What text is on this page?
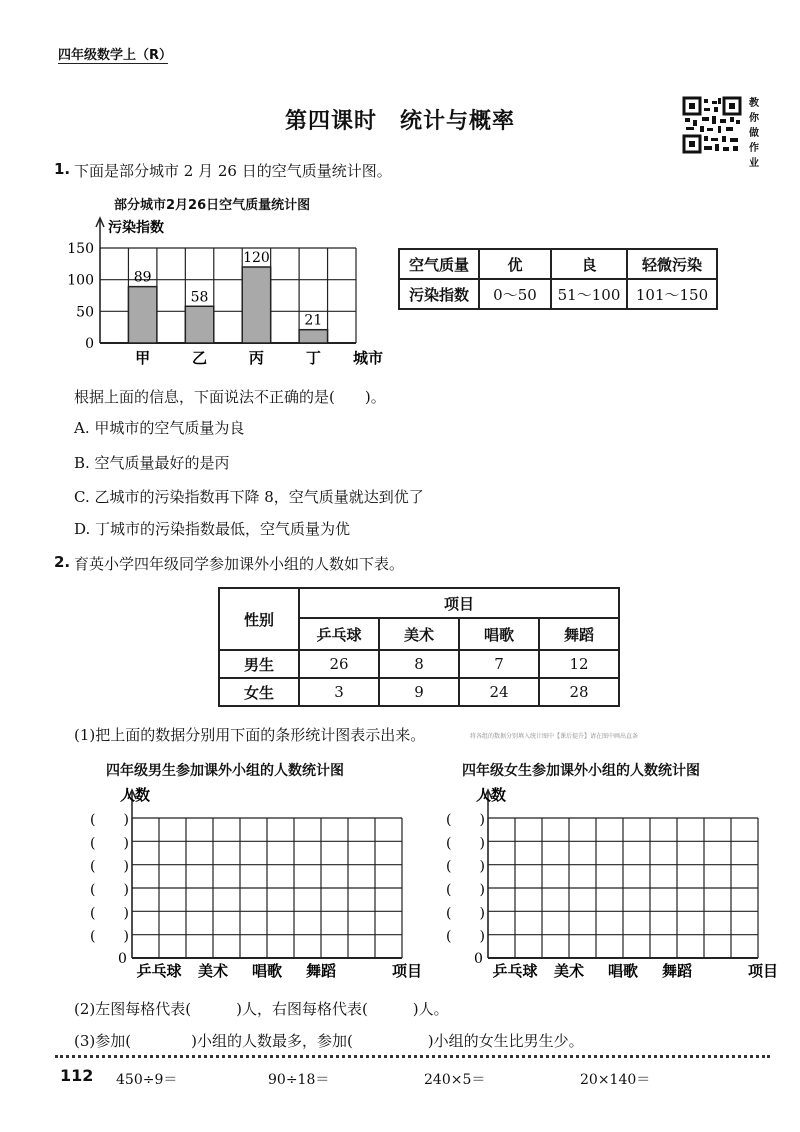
四年级数学上（R）
第四课时　统计与概率
教你做作业
1. 下面是部分城市 2 月 26 日的空气质量统计图。
部分城市2月26日空气质量统计图
0
50
100
150
污染指数
89
甲
58
乙
120
丙
21
丁 城市
空气质量	优	良	轻微污染
污染指数	0～50	51～100	101～150
根据上面的信息，下面说法不正确的是(　　)。
A. 甲城市的空气质量为良
B. 空气质量最好的是丙
C. 乙城市的污染指数再下降 8，空气质量就达到优了
D. 丁城市的污染指数最低，空气质量为优
2. 育英小学四年级同学参加课外小组的人数如下表。
性别	项目			
	乒乓球	美术	唱歌	舞蹈
男生	26	8	7	12
女生	3	9	24	28
(1)把上面的数据分别用下面的条形统计图表示出来。	将各组的数据分别填入统计图中【课后提升】请在图中画出直条
四年级男生参加课外小组的人数统计图
人数
(　　)
(　　)
(　　)
(　　)
(　　)
(　　)
0
乒乓球 美术 唱歌 舞蹈	项目
四年级女生参加课外小组的人数统计图
人数
(　　)
(　　)
(　　)
(　　)
(　　)
(　　)
0
乒乓球 美术 唱歌 舞蹈	项目
(2)左图每格代表(　　　)人，右图每格代表(　　　)人。
(3)参加(　　　　)小组的人数最多，参加(　　　　　)小组的女生比男生少。
112 450÷9＝	90÷18＝	240×5＝	20×140＝
